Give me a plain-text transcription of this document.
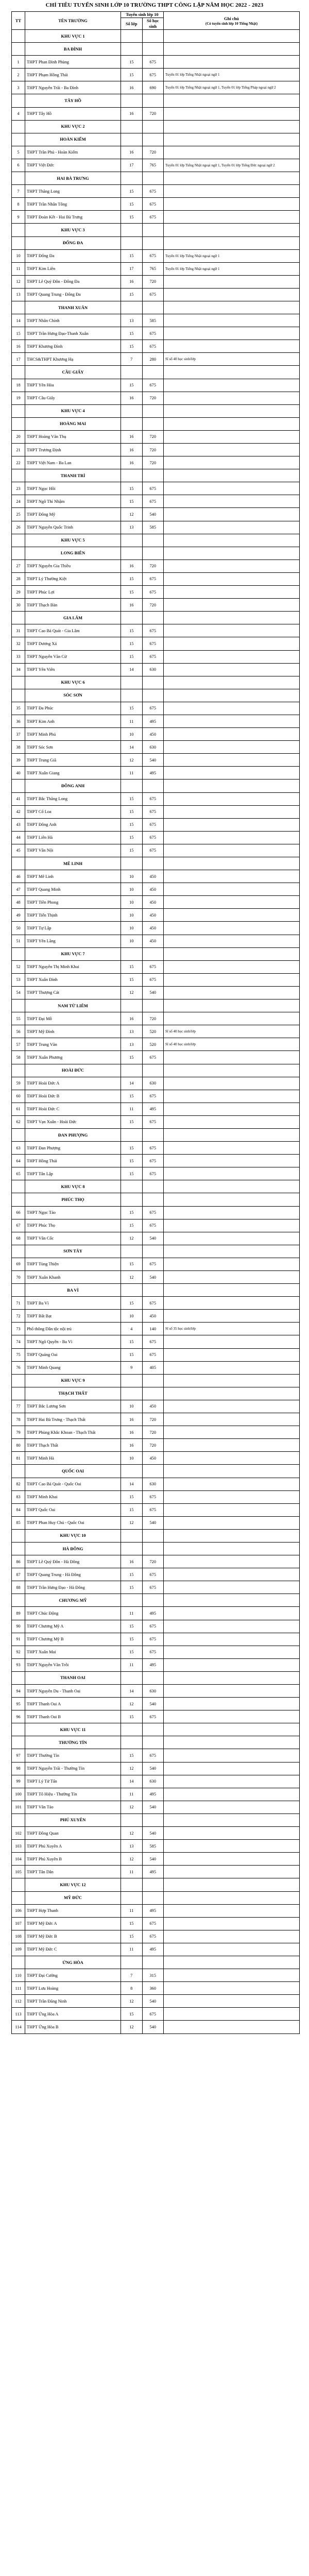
CHỈ TIÊU TUYỂN SINH LỚP 10 TRƯỜNG THPT CÔNG LẬP NĂM HỌC 2022 - 2023
TT	TÊN TRƯỜNG	Tuyển sinh lớp 10		Ghi chú
(Có tuyển sinh lớp 10 Tiếng Nhật)

		Số lớp	Số học sinh	
	KHU VỰC 1			
	BA ĐÌNH			
1	THPT Phan Đình Phùng	15	675	
2	THPT Phạm Hồng Thái	15	675	Tuyển 01 lớp Tiếng Nhật ngoại ngữ 1
3	THPT Nguyễn Trãi - Ba Đình	16	690	Tuyển 01 lớp Tiếng Nhật ngoại ngữ 1, Tuyển 01 lớp Tiếng Pháp ngoại ngữ 2
	TÂY HỒ			
4	THPT Tây Hồ	16	720	
	KHU VỰC 2			
	HOÀN KIẾM			
5	THPT Trần Phú - Hoàn Kiếm	16	720	
6	THPT Việt Đức	17	765	Tuyển 01 lớp Tiếng Nhật ngoại ngữ 1, Tuyển 01 lớp Tiếng Đức ngoại ngữ 2
	HAI BÀ TRƯNG			
7	THPT Thăng Long	15	675	
8	THPT Trần Nhân Tông	15	675	
9	THPT Đoàn Kết - Hai Bà Trưng	15	675	
	KHU VỰC 3			
	ĐỐNG ĐA			
10	THPT Đống Đa	15	675	Tuyển 01 lớp Tiếng Nhật ngoại ngữ 1
11	THPT Kim Liên	17	765	Tuyển 01 lớp Tiếng Nhật ngoại ngữ 1
12	THPT Lê Quý Đôn - Đống Đa	16	720	
13	THPT Quang Trung - Đống Đa	15	675	
	THANH XUÂN			
14	THPT Nhân Chính	13	585	
15	THPT Trần Hưng Đạo-Thanh Xuân	15	675	
16	THPT Khương Đình	15	675	
17	THCS&THPT Khương Hạ	7	280	Sĩ số 40 học sinh/lớp
	CẦU GIẤY			
18	THPT Yên Hòa	15	675	
19	THPT Cầu Giấy	16	720	
	KHU VỰC 4			
	HOÀNG MAI			
20	THPT Hoàng Văn Thụ	16	720	
21	THPT Trương Định	16	720	
22	THPT Việt Nam - Ba Lan	16	720	
	THANH TRÌ			
23	THPT Ngọc Hồi	15	675	
24	THPT Ngô Thì Nhậm	15	675	
25	THPT Đông Mỹ	12	540	
26	THPT Nguyễn Quốc Trinh	13	585	
	KHU VỰC 5			
	LONG BIÊN			
27	THPT Nguyễn Gia Thiều	16	720	
28	THPT Lý Thường Kiệt	15	675	
29	THPT Phúc Lợi	15	675	
30	THPT Thạch Bàn	16	720	
	GIA LÂM			
31	THPT Cao Bá Quát - Gia Lâm	15	675	
32	THPT Dương Xá	15	675	
33	THPT Nguyễn Văn Cừ	15	675	
34	THPT Yên Viên	14	630	
	KHU VỰC 6			
	SÓC SƠN			
35	THPT Đa Phúc	15	675	
36	THPT Kim Anh	11	495	
37	THPT Minh Phú	10	450	
38	THPT Sóc Sơn	14	630	
39	THPT Trung Giã	12	540	
40	THPT Xuân Giang	11	495	
	ĐÔNG ANH			
41	THPT Bắc Thăng Long	15	675	
42	THPT Cổ Loa	15	675	
43	THPT Đông Anh	15	675	
44	THPT Liên Hà	15	675	
45	THPT Vân Nội	15	675	
	MÊ LINH			
46	THPT Mê Linh	10	450	
47	THPT Quang Minh	10	450	
48	THPT Tiền Phong	10	450	
49	THPT Tiến Thịnh	10	450	
50	THPT Tự Lập	10	450	
51	THPT Yên Lãng	10	450	
	KHU VỰC 7			
52	THPT Nguyễn Thị Minh Khai	15	675	
53	THPT Xuân Đỉnh	15	675	
54	THPT Thượng Cát	12	540	
	NAM TỪ LIÊM			
55	THPT Đại Mỗ	16	720	
56	THPT Mỹ Đình	13	520	Sĩ số 40 học sinh/lớp
57	THPT Trung Văn	13	520	Sĩ số 40 học sinh/lớp
58	THPT Xuân Phương	15	675	
	HOÀI ĐỨC			
59	THPT Hoài Đức A	14	630	
60	THPT Hoài Đức B	15	675	
61	THPT Hoài Đức C	11	495	
62	THPT Vạn Xuân - Hoài Đức	15	675	
	ĐAN PHƯỢNG			
63	THPT Đan Phượng	15	675	
64	THPT Hồng Thái	15	675	
65	THPT Tân Lập	15	675	
	KHU VỰC 8			
	PHÚC THỌ			
66	THPT Ngọc Tảo	15	675	
67	THPT Phúc Thọ	15	675	
68	THPT Vân Cốc	12	540	
	SƠN TÂY			
69	THPT Tùng Thiện	15	675	
70	THPT Xuân Khanh	12	540	
	BA VÌ			
71	THPT Ba Vì	15	675	
72	THPT Bất Bạt	10	450	
73	Phổ thông Dân tộc nội trú	4	140	Sĩ số 35 học sinh/lớp
74	THPT Ngô Quyền - Ba Vì	15	675	
75	THPT Quảng Oai	15	675	
76	THPT Minh Quang	9	405	
	KHU VỰC 9			
	THẠCH THẤT			
77	THPT Bắc Lương Sơn	10	450	
78	THPT Hai Bà Trưng - Thạch Thất	16	720	
79	THPT Phùng Khắc Khoan - Thạch Thất	16	720	
80	THPT Thạch Thất	16	720	
81	THPT Minh Hà	10	450	
	QUỐC OAI			
82	THPT Cao Bá Quát - Quốc Oai	14	630	
83	THPT Minh Khai	15	675	
84	THPT Quốc Oai	15	675	
85	THPT Phan Huy Chú - Quốc Oai	12	540	
	KHU VỰC 10			
	HÀ ĐÔNG			
86	THPT Lê Quý Đôn - Hà Đông	16	720	
87	THPT Quang Trung - Hà Đông	15	675	
88	THPT Trần Hưng Đạo - Hà Đông	15	675	
	CHƯƠNG MỸ			
89	THPT Chúc Động	11	495	
90	THPT Chương Mỹ A	15	675	
91	THPT Chương Mỹ B	15	675	
92	THPT Xuân Mai	15	675	
93	THPT Nguyễn Văn Trỗi	11	495	
	THANH OAI			
94	THPT Nguyễn Du - Thanh Oai	14	630	
95	THPT Thanh Oai A	12	540	
96	THPT Thanh Oai B	15	675	
	KHU VỰC 11			
	THƯỜNG TÍN			
97	THPT Thường Tín	15	675	
98	THPT Nguyễn Trãi - Thường Tín	12	540	
99	THPT Lý Tử Tấn	14	630	
100	THPT Tô Hiệu - Thường Tín	11	495	
101	THPT Vân Tảo	12	540	
	PHÚ XUYÊN			
102	THPT Đồng Quan	12	540	
103	THPT Phú Xuyên A	13	585	
104	THPT Phú Xuyên B	12	540	
105	THPT Tân Dân	11	495	
	KHU VỰC 12			
	MỸ ĐỨC			
106	THPT Hợp Thanh	11	495	
107	THPT Mỹ Đức A	15	675	
108	THPT Mỹ Đức B	15	675	
109	THPT Mỹ Đức C	11	495	
	ỨNG HÒA			
110	THPT Đại Cường	7	315	
111	THPT Lưu Hoàng	8	360	
112	THPT Trần Đăng Ninh	12	540	
113	THPT Ứng Hòa A	15	675	
114	THPT Ứng Hòa B	12	540	
